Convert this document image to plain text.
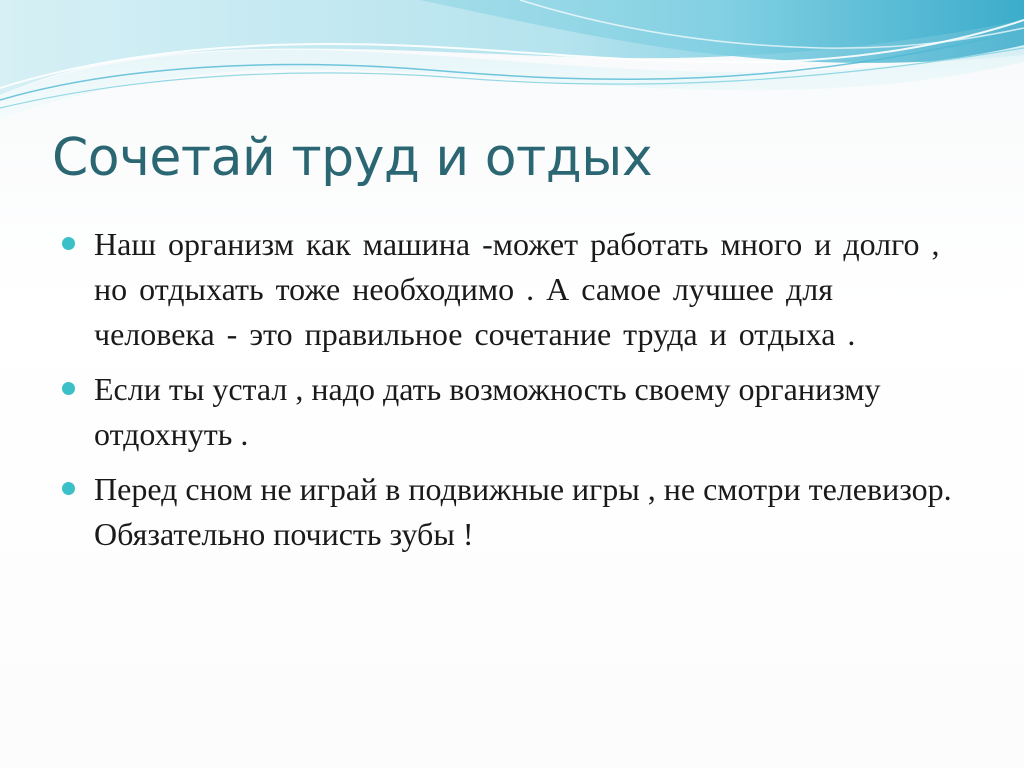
Сочетай труд и отдых
Наш организм как машина -может работать много и долго , но отдыхать тоже необходимо . А самое лучшее для человека - это правильное сочетание труда и отдыха .
Если ты устал , надо дать возможность своему организму отдохнуть .
Перед сном не играй в подвижные игры , не смотри телевизор. Обязательно почисть зубы !
